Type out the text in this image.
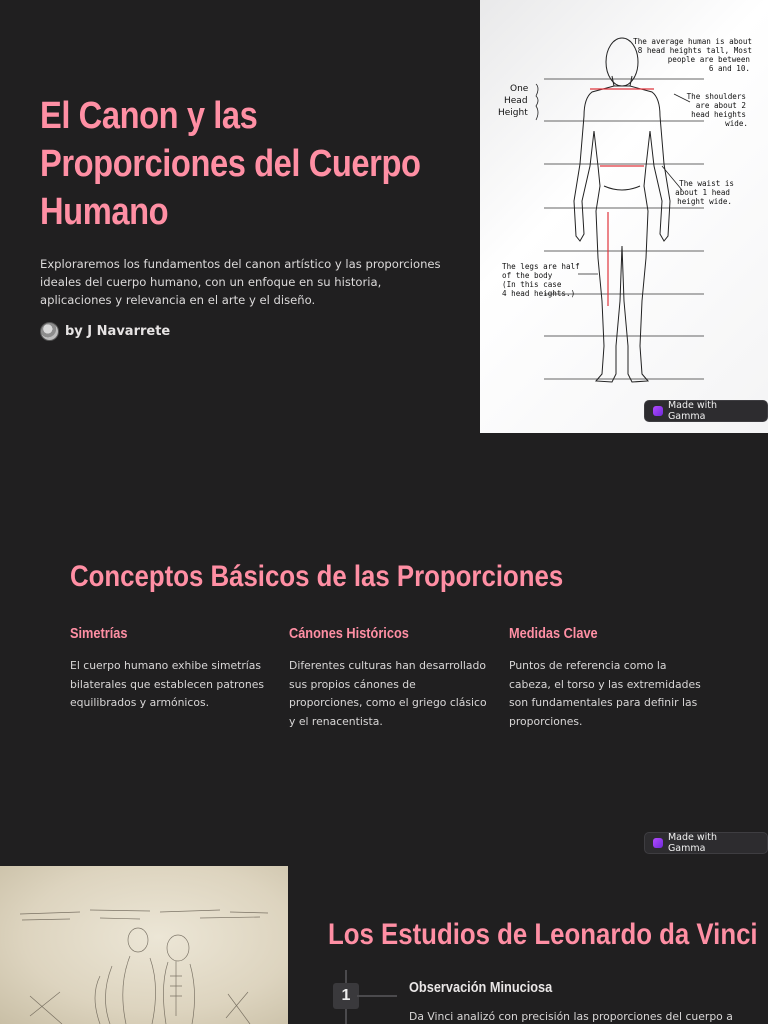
El Canon y las Proporciones del Cuerpo Humano

Exploraremos los fundamentos del canon artístico y las proporciones ideales del cuerpo humano, con un enfoque en su historia, aplicaciones y relevancia en el arte y el diseño.

by J Navarrete
One
Head
Height
The average human is about
8 head heights tall, Most
people are between
6 and 10.
The shoulders
are about 2
head heights
wide.
The waist is
about 1 head
height wide.
The legs are half
of the body
(In this case
4 head heights.)
Made with Gamma
Conceptos Básicos de las Proporciones
Simetrías

El cuerpo humano exhibe simetrías bilaterales que establecen patrones equilibrados y armónicos.

Cánones Históricos

Diferentes culturas han desarrollado sus propios cánones de proporciones, como el griego clásico y el renacentista.

Medidas Clave

Puntos de referencia como la cabeza, el torso y las extremidades son fundamentales para definir las proporciones.

Made with Gamma
Los Estudios de Leonardo da Vinci
1	Observación Minuciosa

Da Vinci analizó con precisión las proporciones del cuerpo a
